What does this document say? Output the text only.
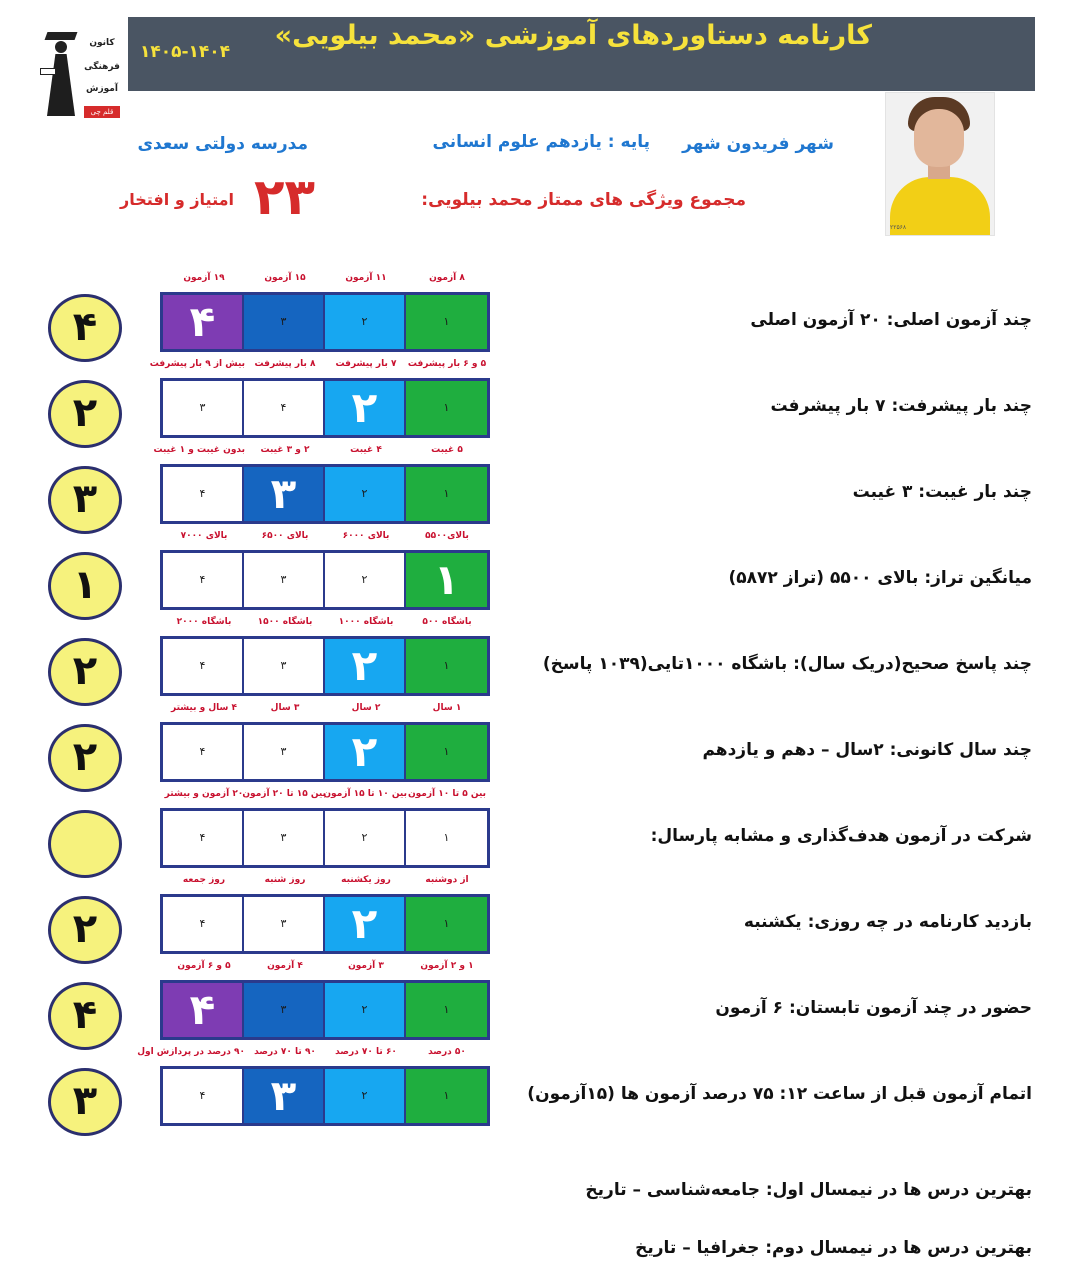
کانون
فرهنگی
آموزش
قلم چی
کارنامه دستاوردهای آموزشی «محمد بیلویی»
۱۴۰۵-۱۴۰۴
۲۲۵۶۸
شهر فریدون شهر
پایه : یازدهم علوم انسانی
مدرسه دولتی سعدی
مجموع ویژگی های ممتاز محمد بیلویی:
۲۳
امتیاز و افتخار
۴	۱
۸ آزمون
۲
۱۱ آزمون
۳
۱۵ آزمون
۴
۱۹ آزمون
چند آزمون اصلی: ۲۰ آزمون اصلی
۲	۱
۵ و ۶ بار پیشرفت
۲
۷ بار پیشرفت
۴
۸ بار پیشرفت
۳
بیش از ۹ بار پیشرفت
چند بار پیشرفت: ۷ بار پیشرفت
۳	۱
۵ غیبت
۲
۴ غیبت
۳
۲ و ۳ غیبت
۴
بدون غیبت و ۱ غیبت
چند بار غیبت: ۳ غیبت
۱	۱
بالای۵۵۰۰
۲
بالای ۶۰۰۰
۳
بالای ۶۵۰۰
۴
بالای ۷۰۰۰
میانگین تراز: بالای ۵۵۰۰ (تراز ۵۸۷۲)
۲	۱
باشگاه ۵۰۰
۲
باشگاه ۱۰۰۰
۳
باشگاه ۱۵۰۰
۴
باشگاه ۲۰۰۰
چند پاسخ صحیح(دریک سال): باشگاه ۱۰۰۰تایی(۱۰۳۹ پاسخ)
۲	۱
۱ سال
۲
۲ سال
۳
۳ سال
۴
۴ سال و بیشتر
چند سال کانونی: ۲سال – دهم و یازدهم
۱
بین ۵ تا ۱۰ آزمون
۲
بین ۱۰ تا ۱۵ آزمون
۳
بین ۱۵ تا ۲۰ آزمون
۴
۲۰ آزمون و بیشتر
شرکت در آزمون هدف‌گذاری و مشابه پارسال:
۲	۱
از دوشنبه
۲
روز یکشنبه
۳
روز شنبه
۴
روز جمعه
بازدید کارنامه در چه روزی: یکشنبه
۴	۱
۱ و ۲ آزمون
۲
۳ آزمون
۳
۴ آزمون
۴
۵ و ۶ آزمون
حضور در چند آزمون تابستان: ۶ آزمون
۳	۱
۵۰ درصد
۲
۶۰ تا ۷۰ درصد
۳
۹۰ تا ۷۰ درصد
۴
۹۰ درصد در پردازش اول
اتمام آزمون قبل از ساعت ۱۲: ۷۵ درصد آزمون ها (۱۵آزمون)
بهترین درس ها در نیمسال اول: جامعه‌شناسی – تاریخ
بهترین درس ها در نیمسال دوم: جغرافیا – تاریخ
